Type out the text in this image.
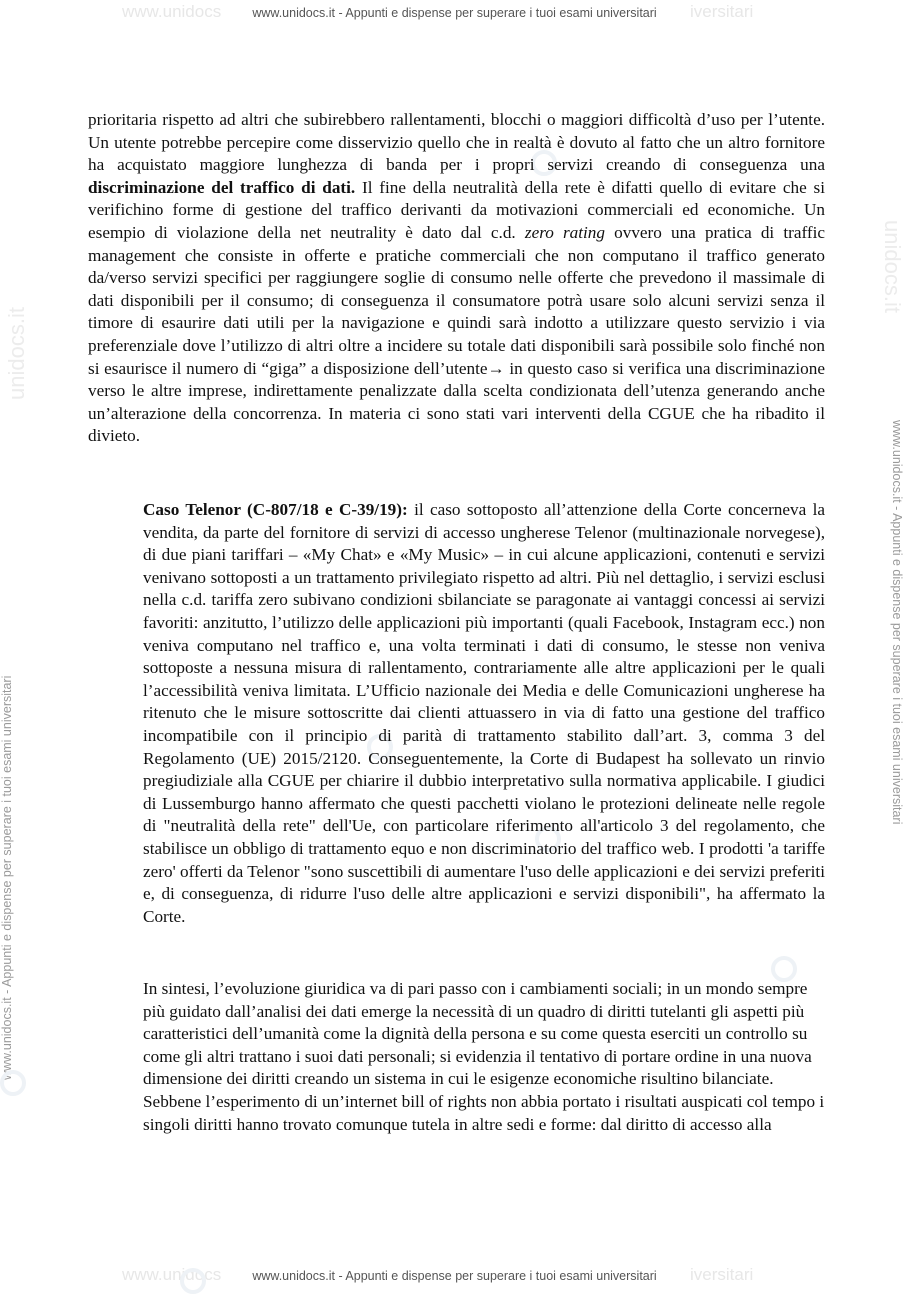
www.unidocs	iversitari
www.unidocs.it - Appunti e dispense per superare i tuoi esami universitari
www.unidocs	iversitari
www.unidocs.it - Appunti e dispense per superare i tuoi esami universitari
www.unidocs.it - Appunti e dispense per superare i tuoi esami universitari
www.unidocs.it - Appunti e dispense per superare i tuoi esami universitari
unidocs.it
unidocs.it

prioritaria rispetto ad altri che subirebbero rallentamenti, blocchi o maggiori difficoltà d’uso per l’utente. Un utente potrebbe percepire come disservizio quello che in realtà è dovuto al fatto che un altro fornitore ha acquistato maggiore lunghezza di banda per i propri servizi creando di conseguenza una discriminazione del traffico di dati. Il fine della neutralità della rete è difatti quello di evitare che si verifichino forme di gestione del traffico derivanti da motivazioni commerciali ed economiche. Un esempio di violazione della net neutrality è dato dal c.d. zero rating ovvero una pratica di traffic management che consiste in offerte e pratiche commerciali che non computano il traffico generato da/verso servizi specifici per raggiungere soglie di consumo nelle offerte che prevedono il massimale di dati disponibili per il consumo; di conseguenza il consumatore potrà usare solo alcuni servizi senza il timore di esaurire dati utili per la navigazione e quindi sarà indotto a utilizzare questo servizio i via preferenziale dove l’utilizzo di altri oltre a incidere su totale dati disponibili sarà possibile solo finché non si esaurisce il numero di “giga” a disposizione dell’utente→ in questo caso si verifica una discriminazione verso le altre imprese, indirettamente penalizzate dalla scelta condizionata dell’utenza generando anche un’alterazione della concorrenza. In materia ci sono stati vari interventi della CGUE che ha ribadito il divieto.

Caso Telenor (C-807/18 e C-39/19): il caso sottoposto all’attenzione della Corte concerneva la vendita, da parte del fornitore di servizi di accesso ungherese Telenor (multinazionale norvegese), di due piani tariffari – «My Chat» e «My Music» – in cui alcune applicazioni, contenuti e servizi venivano sottoposti a un trattamento privilegiato rispetto ad altri. Più nel dettaglio, i servizi esclusi nella c.d. tariffa zero subivano condizioni sbilanciate se paragonate ai vantaggi concessi ai servizi favoriti: anzitutto, l’utilizzo delle applicazioni più importanti (quali Facebook, Instagram ecc.) non veniva computano nel traffico e, una volta terminati i dati di consumo, le stesse non veniva sottoposte a nessuna misura di rallentamento, contrariamente alle altre applicazioni per le quali l’accessibilità veniva limitata. L’Ufficio nazionale dei Media e delle Comunicazioni ungherese ha ritenuto che le misure sottoscritte dai clienti attuassero in via di fatto una gestione del traffico incompatibile con il principio di parità di trattamento stabilito dall’art. 3, comma 3 del Regolamento (UE) 2015/2120. Conseguentemente, la Corte di Budapest ha sollevato un rinvio pregiudiziale alla CGUE per chiarire il dubbio interpretativo sulla normativa applicabile. I giudici di Lussemburgo hanno affermato che questi pacchetti violano le protezioni delineate nelle regole di "neutralità della rete" dell'Ue, con particolare riferimento all'articolo 3 del regolamento, che stabilisce un obbligo di trattamento equo e non discriminatorio del traffico web. I prodotti 'a tariffe zero' offerti da Telenor "sono suscettibili di aumentare l'uso delle applicazioni e dei servizi preferiti e, di conseguenza, di ridurre l'uso delle altre applicazioni e servizi disponibili", ha affermato la Corte.

In sintesi, l’evoluzione giuridica va di pari passo con i cambiamenti sociali; in un mondo sempre più guidato dall’analisi dei dati emerge la necessità di un quadro di diritti tutelanti gli aspetti più caratteristici dell’umanità come la dignità della persona e su come questa eserciti un controllo su come gli altri trattano i suoi dati personali; si evidenzia il tentativo di portare ordine in una nuova dimensione dei diritti creando un sistema in cui le esigenze economiche risultino bilanciate. Sebbene l’esperimento di un’internet bill of rights non abbia portato i risultati auspicati col tempo i singoli diritti hanno trovato comunque tutela in altre sedi e forme: dal diritto di accesso alla
